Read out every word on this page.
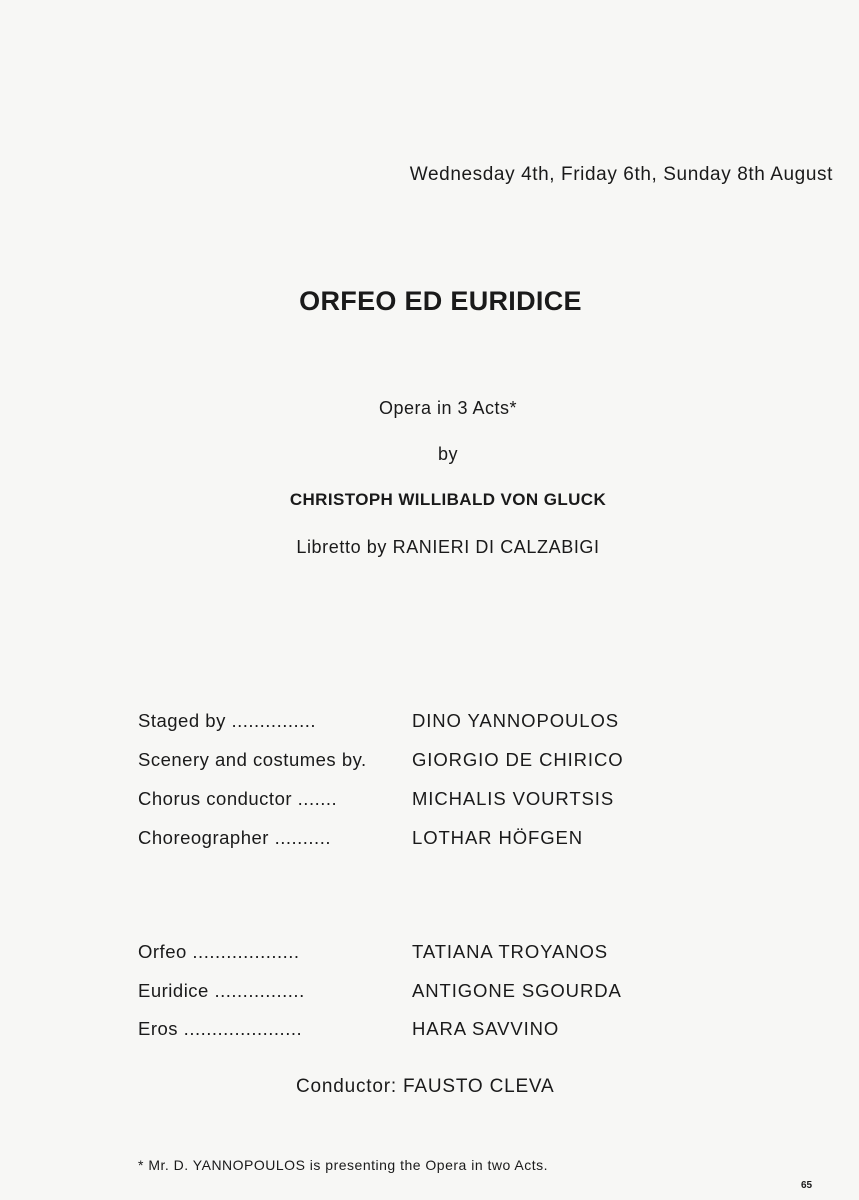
Wednesday 4th, Friday 6th, Sunday 8th August
ORFEO ED EURIDICE
Opera in 3 Acts*
by
CHRISTOPH WILLIBALD VON GLUCK
Libretto by RANIERI DI CALZABIGI
Staged by ...............	DINO YANNOPOULOS
Scenery and costumes by. GIORGIO DE CHIRICO
Chorus conductor .......	MICHALIS VOURTSIS
Choreographer ..........	LOTHAR HÖFGEN
Orfeo ...................	TATIANA TROYANOS
Euridice ................	ANTIGONE SGOURDA
Eros .....................	HARA SAVVINO
Conductor: FAUSTO CLEVA
* Mr. D. YANNOPOULOS is presenting the Opera in two Acts.
65
